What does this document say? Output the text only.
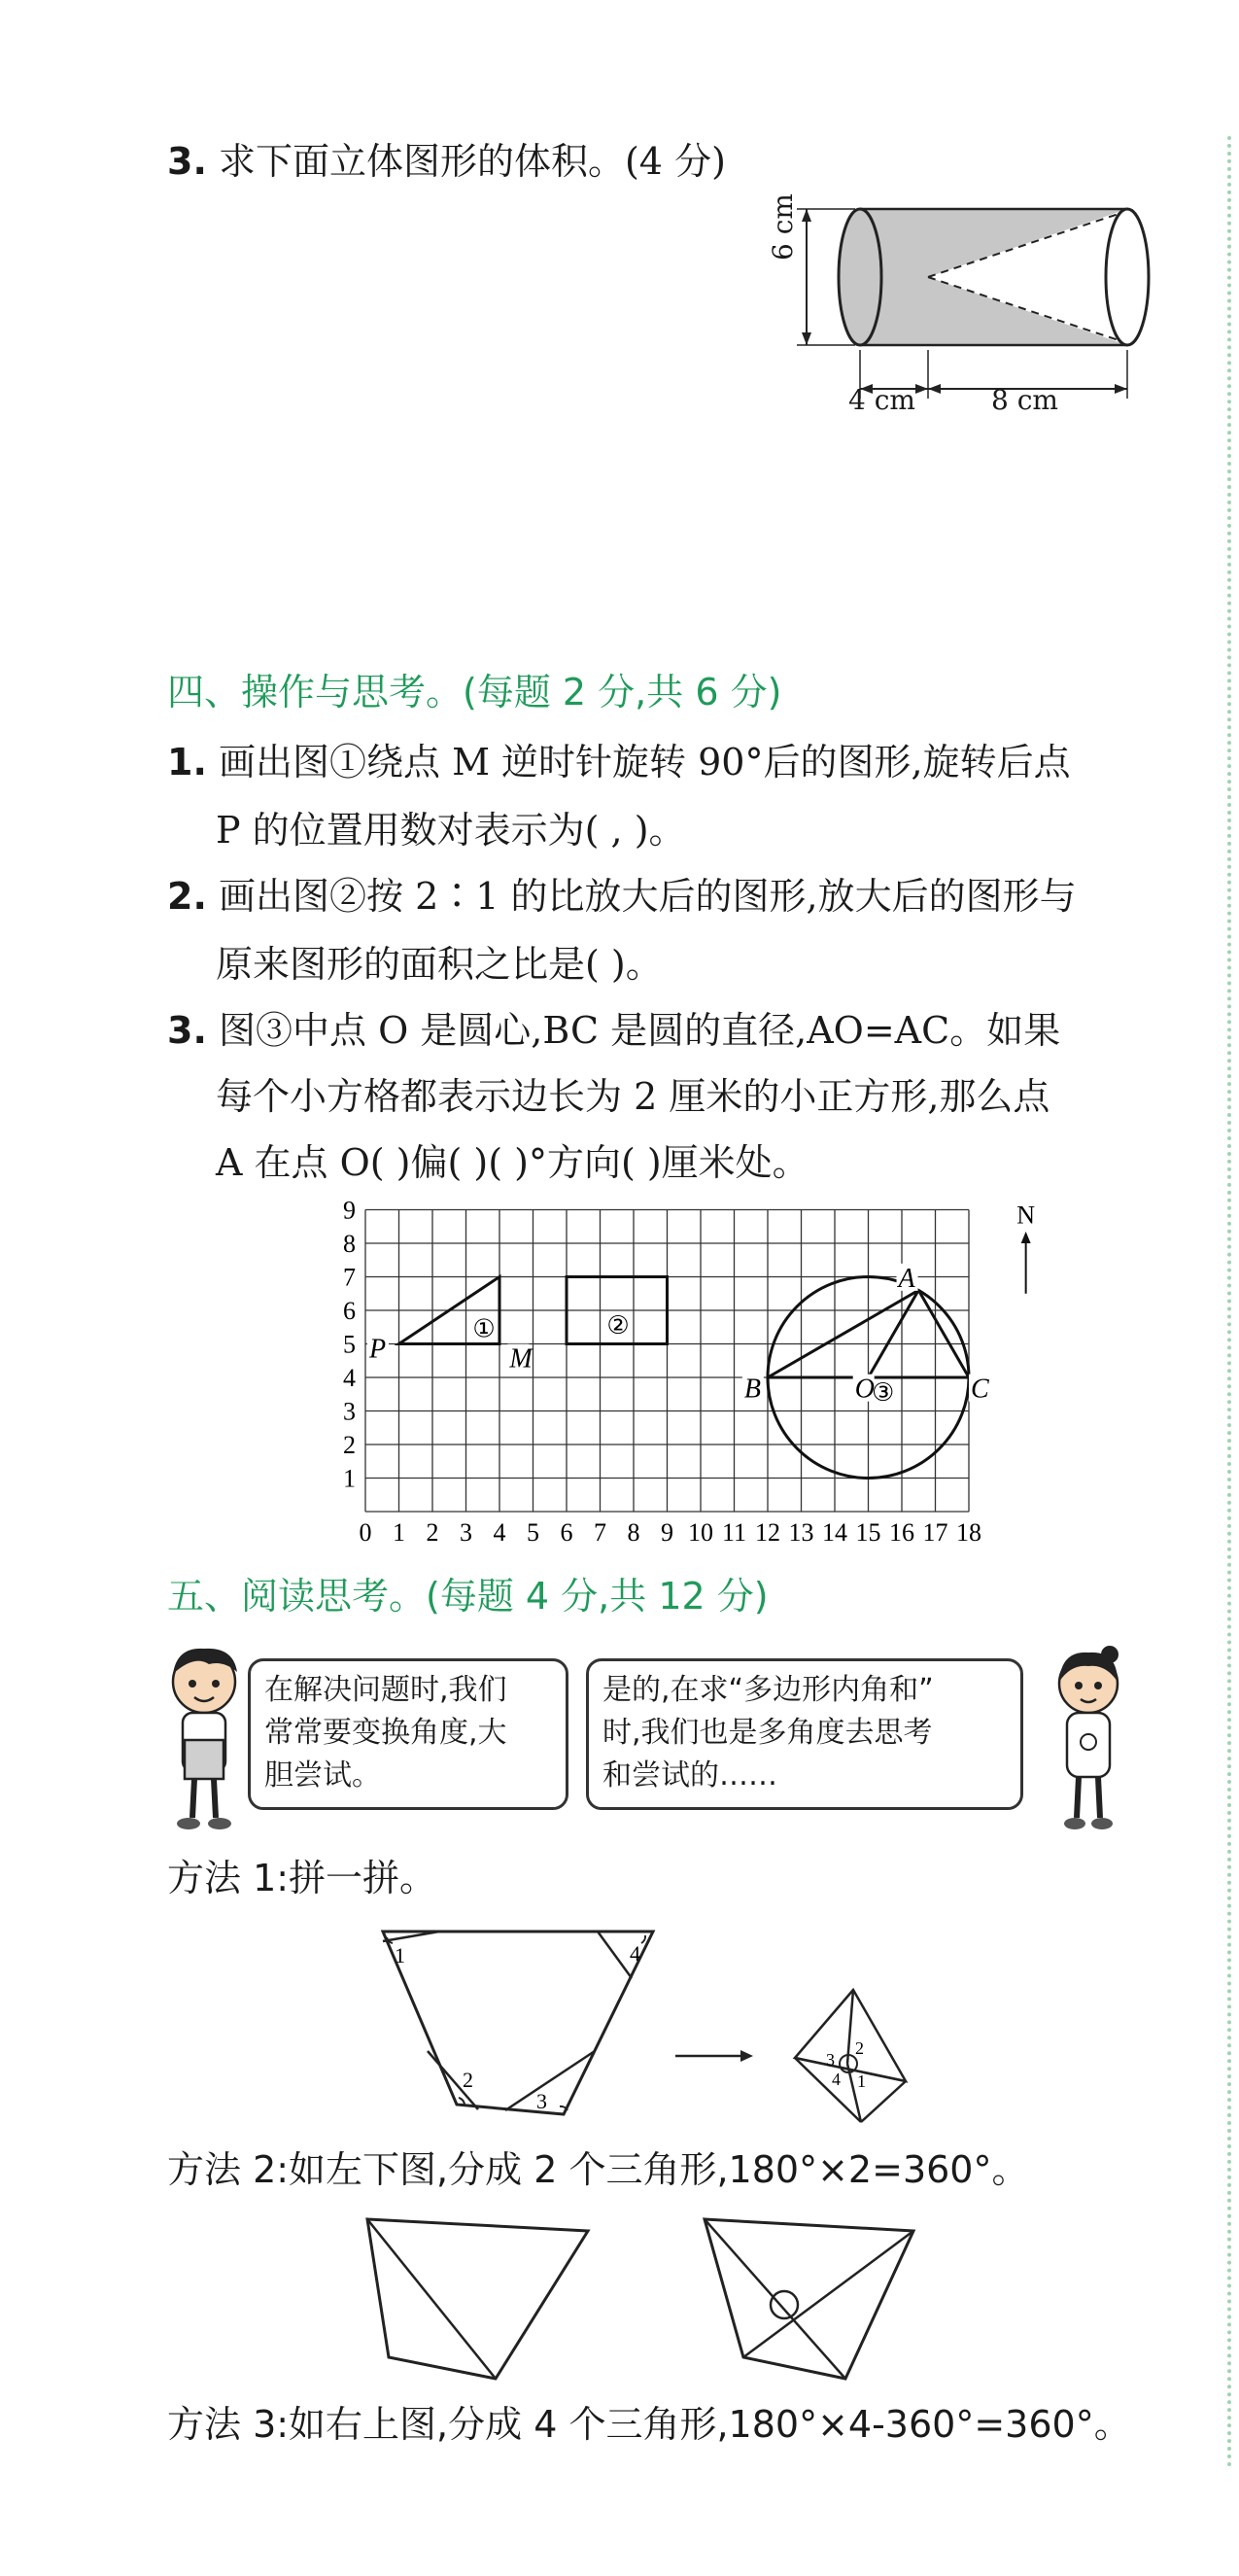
3. 求下面立体图形的体积。(4 分)
6 cm
4 cm	8 cm
四、操作与思考。(每题 2 分,共 6 分)
1. 画出图①绕点 M 逆时针旋转 90°后的图形,旋转后点
P 的位置用数对表示为( , )。
2. 画出图②按 2∶1 的比放大后的图形,放大后的图形与
原来图形的面积之比是( )。
3. 图③中点 O 是圆心,BC 是圆的直径,AO=AC。如果
每个小方格都表示边长为 2 厘米的小正方形,那么点
A 在点 O( )偏( )( )°方向( )厘米处。
0 1 2 3 4 5 6 7 8 9 10 11 12 13 14 15 16 17 18
1
2
3
4
5
6
7
8
9
P	M
B	O	C
A
①	②
③
N
五、阅读思考。(每题 4 分,共 12 分)
在解决问题时,我们
常常要变换角度,大
胆尝试。
是的,在求“多边形内角和”
时,我们也是多角度去思考
和尝试的……
方法 1:拼一拼。
1	4
2
3
2
3
4 1
方法 2:如左下图,分成 2 个三角形,180°×2=360°。
方法 3:如右上图,分成 4 个三角形,180°×4-360°=360°。
